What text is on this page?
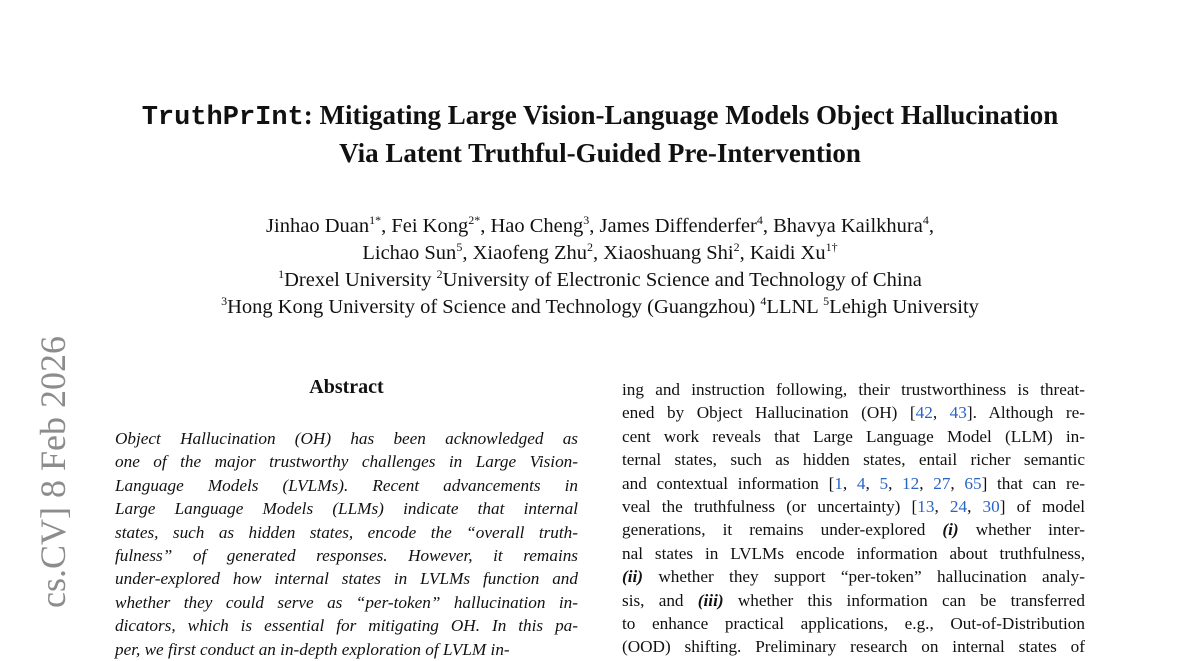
cs.CV] 8 Feb 2026
TruthPrInt: Mitigating Large Vision-Language Models Object Hallucination
Via Latent Truthful-Guided Pre-Intervention
Jinhao Duan$^{1*}$, Fei Kong$^{2*}$, Hao Cheng$^3$, James Diffenderfer$^4$, Bhavya Kailkhura$^4$,
Lichao Sun$^5$, Xiaofeng Zhu$^2$, Xiaoshuang Shi$^2$, Kaidi $Xu^{1\dagger}$
$^1$Drexel University $^2$University of Electronic Science and Technology of China
$^3$Hong Kong University of Science and Technology (Guangzhou) $^4$LLNL $^5$Lehigh University
Abstract
Object Hallucination (OH) has been acknowledged as
one of the major trustworthy challenges in Large Vision-
Language Models (LVLMs). Recent advancements in
Large Language Models (LLMs) indicate that internal
states, such as hidden states, encode the “overall truth-
fulness” of generated responses. However, it remains
under-explored how internal states in LVLMs function and
whether they could serve as “per-token” hallucination in-
dicators, which is essential for mitigating OH. In this pa-
per, we first conduct an in-depth exploration of LVLM in-
ing and instruction following, their trustworthiness is threat-
ened by Object Hallucination (OH) [42, 43]. Although re-
cent work reveals that Large Language Model (LLM) in-
ternal states, such as hidden states, entail richer semantic
and contextual information [1, 4, 5, 12, 27, 65] that can re-
veal the truthfulness (or uncertainty) [13, 24, 30] of model
generations, it remains under-explored (i) whether inter-
nal states in LVLMs encode information about truthfulness,
(ii) whether they support “per-token” hallucination analy-
sis, and (iii) whether this information can be transferred
to enhance practical applications, e.g., Out-of-Distribution
(OOD) shifting. Preliminary research on internal states of
